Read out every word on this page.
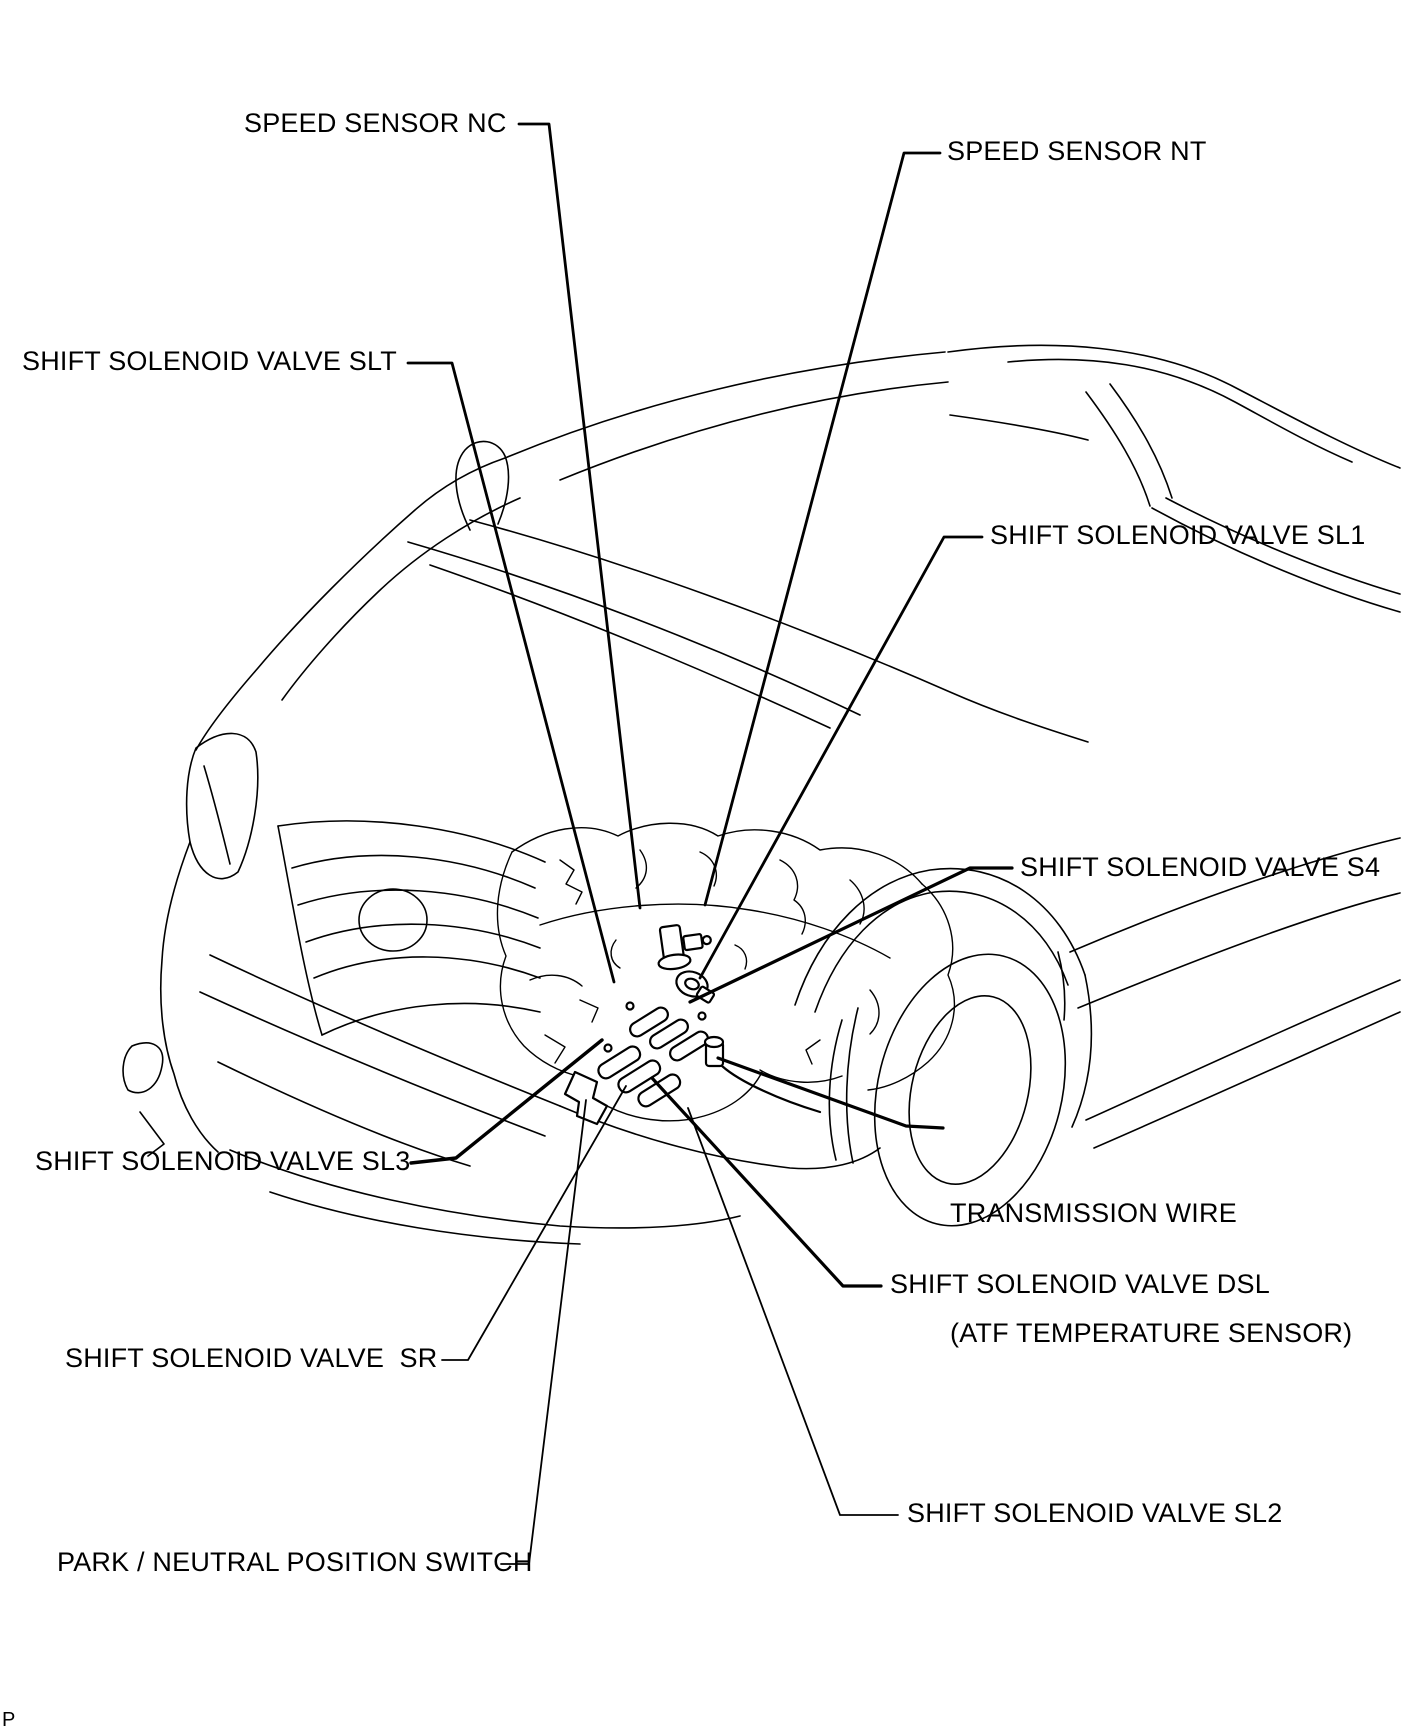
SPEED SENSOR NC
SPEED SENSOR NT
SHIFT SOLENOID VALVE SLT
SHIFT SOLENOID VALVE SL1
SHIFT SOLENOID VALVE S4

TRANSMISSION WIRE

(ATF TEMPERATURE SENSOR)

SHIFT SOLENOID VALVE SL3
SHIFT SOLENOID VALVE DSL
SHIFT SOLENOID VALVE  SR
SHIFT SOLENOID VALVE SL2
PARK / NEUTRAL POSITION SWITCH
P
